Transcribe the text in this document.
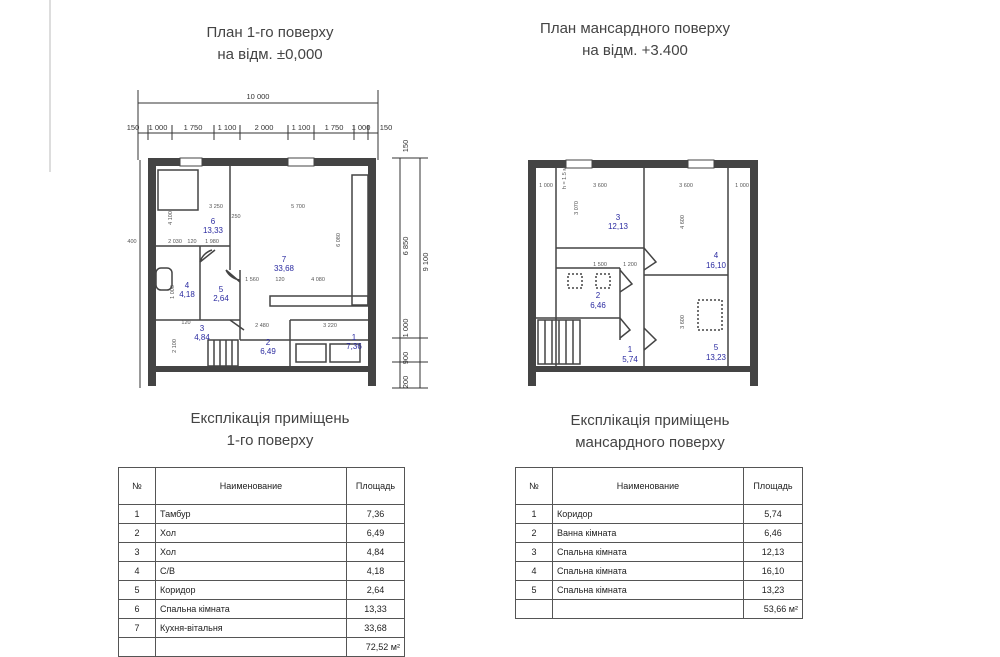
План 1-го поверху
на відм. ±0,000
План мансардного поверху
на відм. +3.400
10 000
150 1 000 1 750 1 100 2 000 1 100 1 750 1 000 150
150
6 850
9 100
1 000
900
200
3 250	5 700
4 100
400	2 030 120 1 980
250
6 080
1 560	4 080
2 480	3 220
2 100
120
120
1 000
6
13,33
7
33,68
4
4,18
5
2,64
3
4,84
2
6,49
1
7,36
1 000	3 600	3 600	1 000
3 070
4 600
1 500	1 200
3 600
h = 1.5 м
3
12,13
4
16,10
2
6,46
1
5,74
5
13,23
Експлікація приміщень
1-го поверху
Експлікація приміщень
мансардного поверху
№	Наименование	Площадь
1	Тамбур	7,36
2	Хол	6,49
3	Хол	4,84
4	С/В	4,18
5	Коридор	2,64
6	Спальна кімната	13,33
7	Кухня-вітальня	33,68
		72,52 м²
№	Наименование	Площадь
1	Коридор	5,74
2	Ванна кімната	6,46
3	Спальна кімната	12,13
4	Спальна кімната	16,10
5	Спальна кімната	13,23
		53,66 м²
